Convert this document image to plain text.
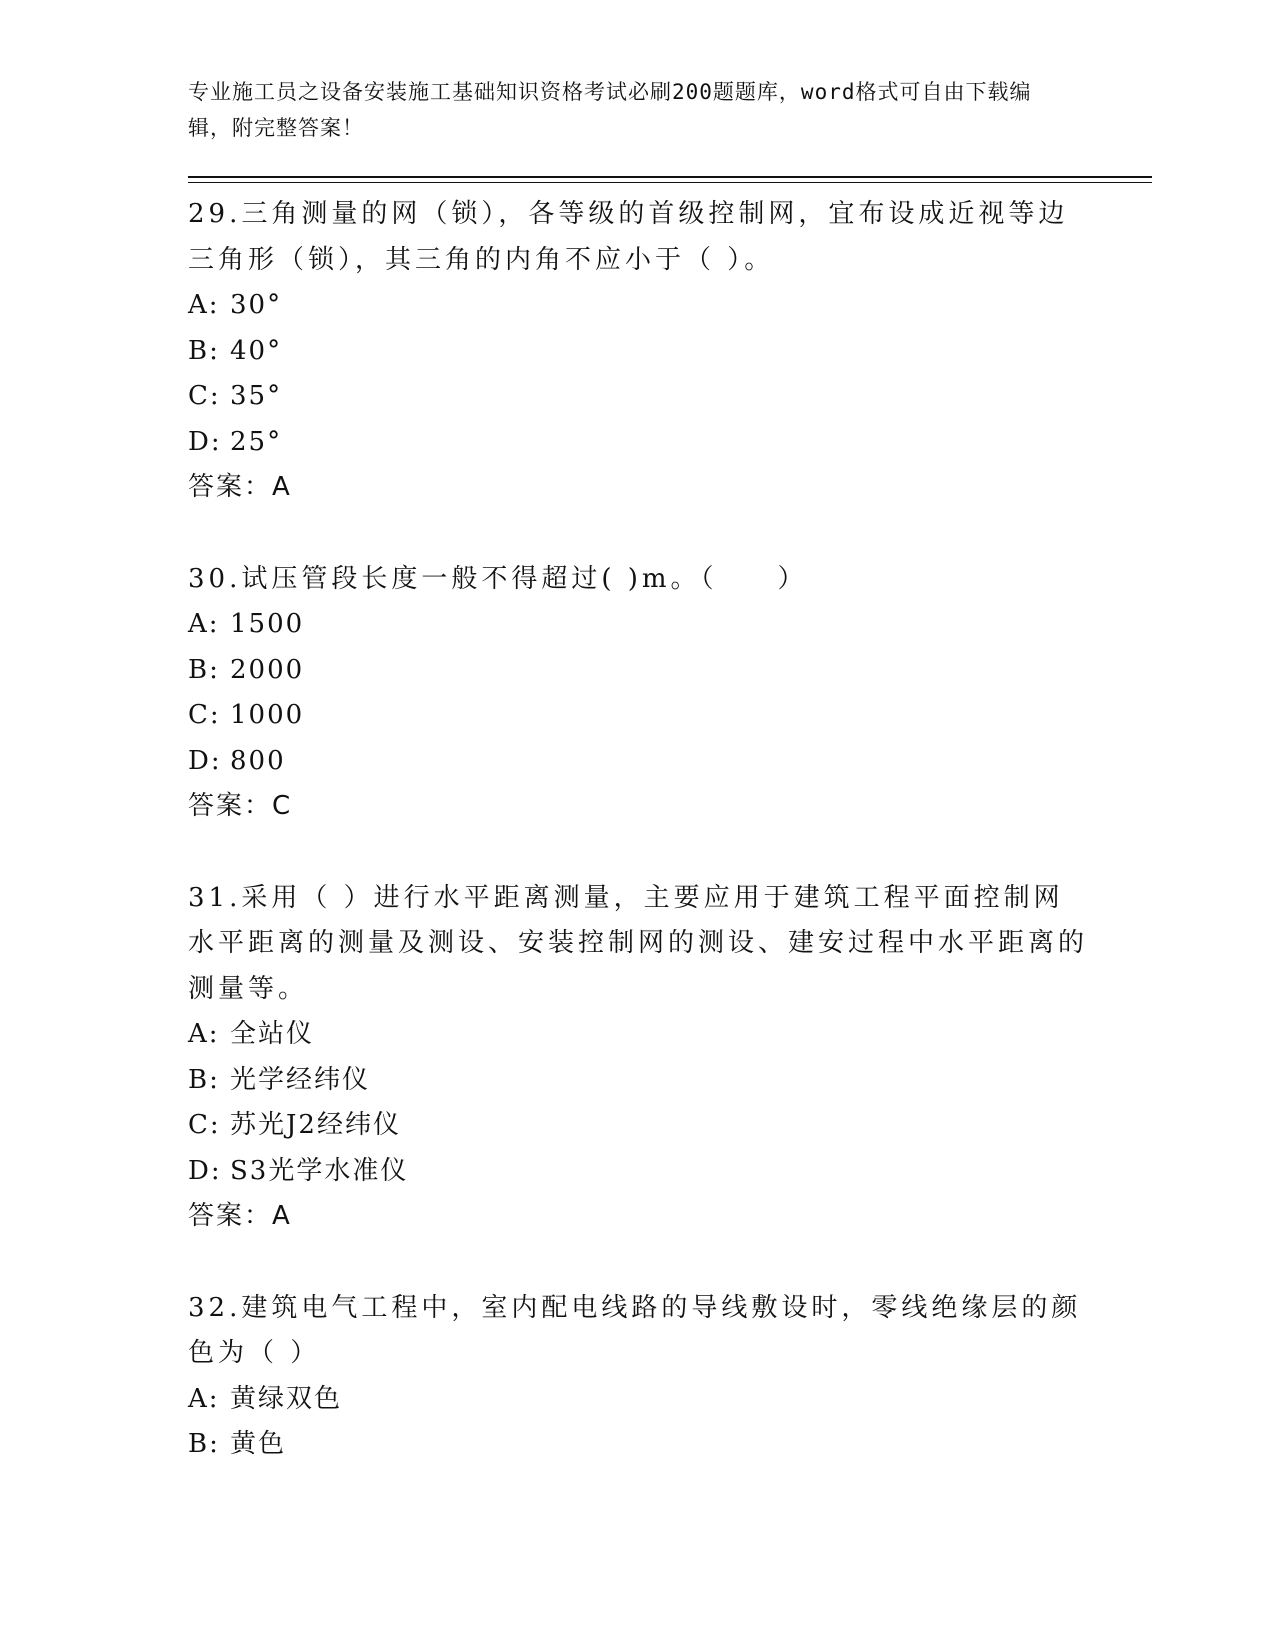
专业施工员之设备安装施工基础知识资格考试必刷200题题库，word格式可自由下载编辑，附完整答案！

29.三角测量的网（锁），各等级的首级控制网，宜布设成近视等边三角形（锁），其三角的内角不应小于（ ）。

A: 30°

B: 40°

C: 35°

D: 25°

答案：A

30.试压管段长度一般不得超过( )m。（　　）

A: 1500

B: 2000

C: 1000

D: 800

答案：C

31.采用（ ）进行水平距离测量，主要应用于建筑工程平面控制网水平距离的测量及测设、安装控制网的测设、建安过程中水平距离的测量等。

A: 全站仪

B: 光学经纬仪

C: 苏光J2经纬仪

D: S3光学水准仪

答案：A

32.建筑电气工程中，室内配电线路的导线敷设时，零线绝缘层的颜色为（ ）

A: 黄绿双色

B: 黄色
